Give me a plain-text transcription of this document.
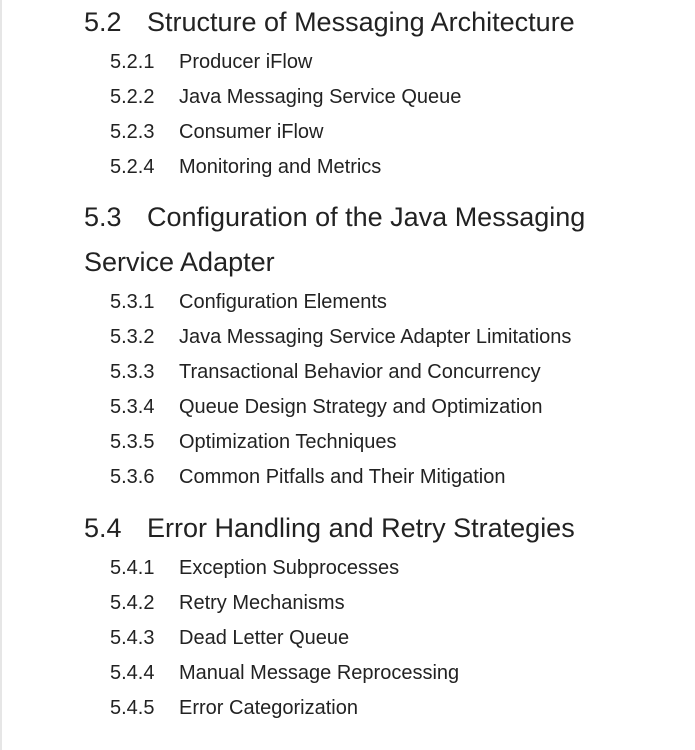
5.2 Structure of Messaging Architecture
5.2.1 Producer iFlow
5.2.2 Java Messaging Service Queue
5.2.3 Consumer iFlow
5.2.4 Monitoring and Metrics
5.3 Configuration of the Java Messaging Service Adapter
5.3.1 Configuration Elements
5.3.2 Java Messaging Service Adapter Limitations
5.3.3 Transactional Behavior and Concurrency
5.3.4 Queue Design Strategy and Optimization
5.3.5 Optimization Techniques
5.3.6 Common Pitfalls and Their Mitigation
5.4 Error Handling and Retry Strategies
5.4.1 Exception Subprocesses
5.4.2 Retry Mechanisms
5.4.3 Dead Letter Queue
5.4.4 Manual Message Reprocessing
5.4.5 Error Categorization
